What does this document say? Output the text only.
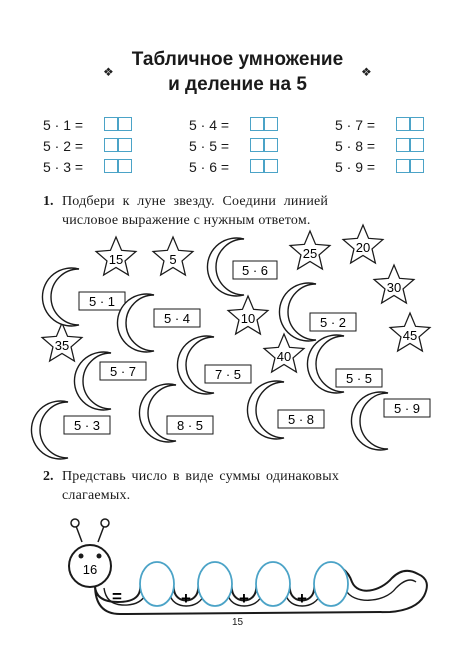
Табличное умножение
и деление на 5
❖	❖
5 · 1 =	5 · 4 =	5 · 7 =
5 · 2 =	5 · 5 =	5 · 8 =
5 · 3 =	5 · 6 =	5 · 9 =
1. Подбери к луне звезду. Соедини линией
числовое выражение с нужным ответом.
15	5	25	20
30
10
35
45
40
5 · 6
5 · 1
5 · 4	5 · 2
5 · 7	7 · 5	5 · 5
5 · 3	8 · 5	5 · 8
5 · 9
16
=	+	+	+
2. Представь число в виде суммы одинаковых
слагаемых.
15
